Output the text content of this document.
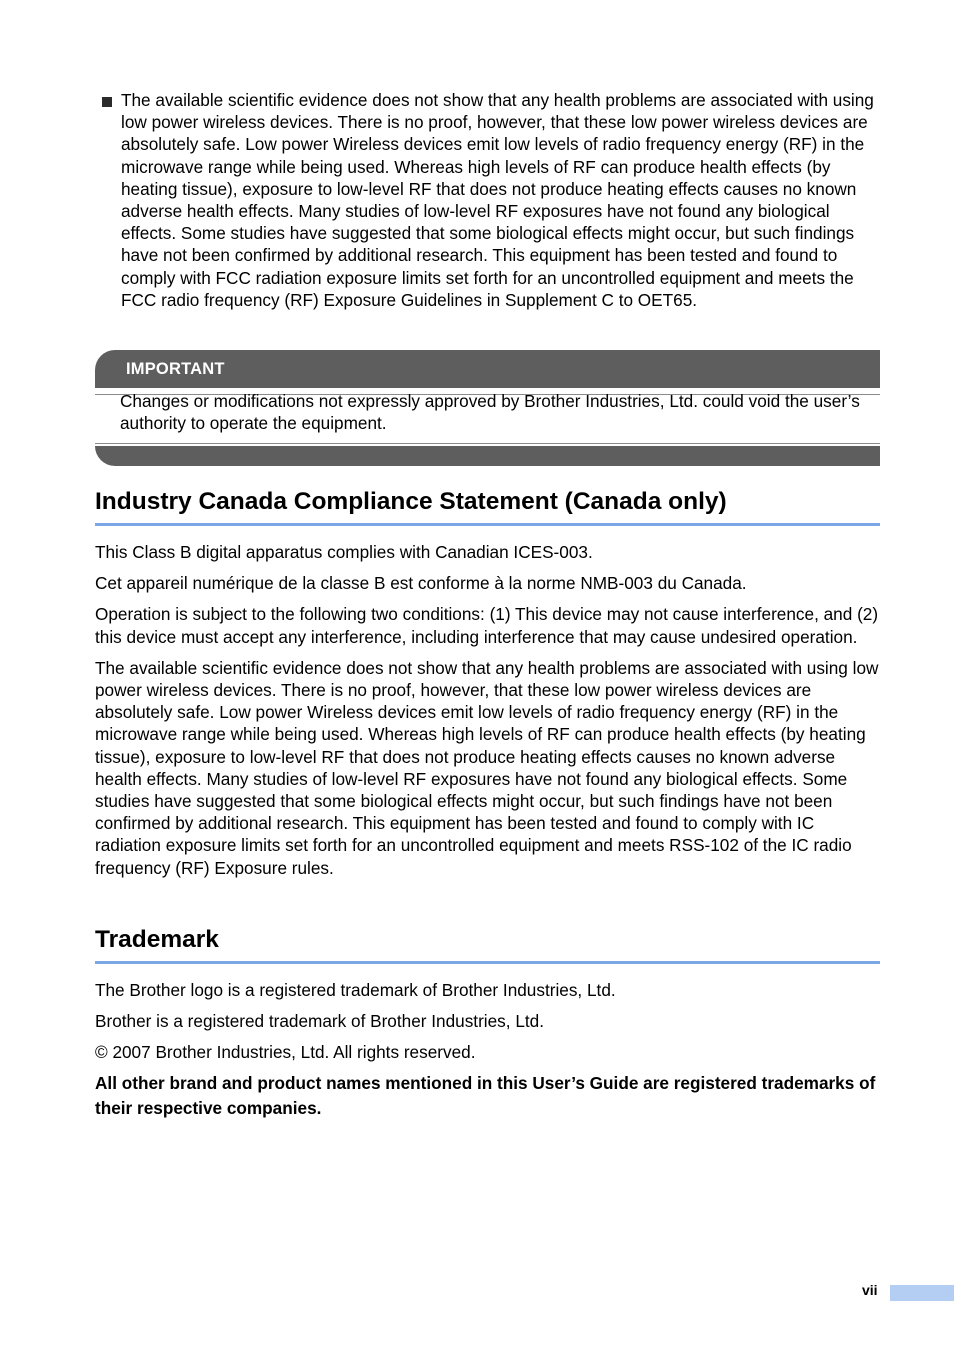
The available scientific evidence does not show that any health problems are associated with using low power wireless devices. There is no proof, however, that these low power wireless devices are absolutely safe. Low power Wireless devices emit low levels of radio frequency energy (RF) in the microwave range while being used. Whereas high levels of RF can produce health effects (by heating tissue), exposure to low-level RF that does not produce heating effects causes no known adverse health effects. Many studies of low-level RF exposures have not found any biological effects. Some studies have suggested that some biological effects might occur, but such findings have not been confirmed by additional research. This equipment has been tested and found to comply with FCC radiation exposure limits set forth for an uncontrolled equipment and meets the FCC radio frequency (RF) Exposure Guidelines in Supplement C to OET65.
IMPORTANT
Changes or modifications not expressly approved by Brother Industries, Ltd. could void the user’s authority to operate the equipment.
Industry Canada Compliance Statement (Canada only)

This Class B digital apparatus complies with Canadian ICES-003.

Cet appareil numérique de la classe B est conforme à la norme NMB-003 du Canada.

Operation is subject to the following two conditions: (1) This device may not cause interference, and (2) this device must accept any interference, including interference that may cause undesired operation.

The available scientific evidence does not show that any health problems are associated with using low power wireless devices. There is no proof, however, that these low power wireless devices are absolutely safe. Low power Wireless devices emit low levels of radio frequency energy (RF) in the microwave range while being used. Whereas high levels of RF can produce health effects (by heating tissue), exposure to low-level RF that does not produce heating effects causes no known adverse health effects. Many studies of low-level RF exposures have not found any biological effects. Some studies have suggested that some biological effects might occur, but such findings have not been confirmed by additional research. This equipment has been tested and found to comply with IC radiation exposure limits set forth for an uncontrolled equipment and meets RSS-102 of the IC radio frequency (RF) Exposure rules.

Trademark

The Brother logo is a registered trademark of Brother Industries, Ltd.

Brother is a registered trademark of Brother Industries, Ltd.

© 2007 Brother Industries, Ltd. All rights reserved.

All other brand and product names mentioned in this User’s Guide are registered trademarks of their respective companies.

vii
